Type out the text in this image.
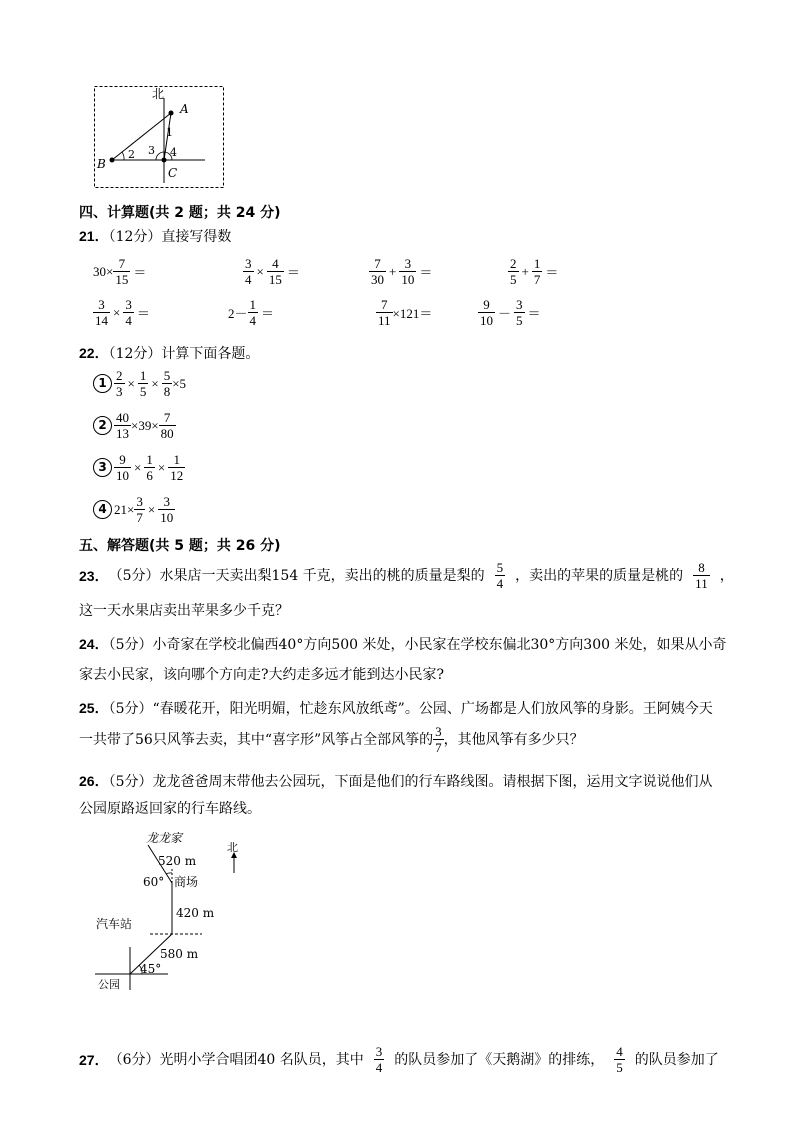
北
A
B
C
1
2 3 4
四、计算题(共 2 题；共 24 分)
21．（12分）直接写得数
$30\times \frac{7}{15}$ ＝	$\frac{3}{4} \times \frac{4}{15}$ ＝	$\frac{7}{30} + \frac{3}{10}$ ＝	$\frac{2}{5} + \frac{1}{7}$ ＝
$\frac{3}{14} \times \frac{3}{4}$ ＝	$2- \frac{1}{4}$ ＝	$\frac{7}{11} \times 121=$	$\frac{9}{10} - \frac{3}{5}$ ＝
22．（12分）计算下面各题。
$1 \frac{2}{3} \times \frac{1}{5} \times \frac{5}{8} \times 5$
$2 \frac{40}{13} \times 39\times \frac{7}{80}$
$3 \frac{9}{10} \times \frac{1}{6} \times \frac{1}{12}$
4 $21\times \frac{3}{7} \times \frac{3}{10}$
五、解答题(共 5 题；共 26 分)
23． （5分） 水果店一天卖出梨154 千克，卖出的桃的质量是梨的 $\frac{5}{4}$ ，卖出的苹果的质量是桃的 $\frac{8}{11}$ ，
这一天水果店卖出苹果多少千克？
24．（5分）小奇家在学校北偏西40°方向500 米处，小民家在学校东偏北30°方向300 米处，如果从小奇
家去小民家，该向哪个方向走?大约走多远才能到达小民家?
25．（5分）“春暖花开，阳光明媚，忙趁东风放纸鸢”。公园、广场都是人们放风筝的身影。王阿姨今天
一共带了56只风筝去卖，其中“喜字形”风筝占全部风筝的 $\frac{3}{7}$ ，其他风筝有多少只？
26．（5分）龙龙爸爸周末带他去公园玩，下面是他们的行车路线图。请根据下图，运用文字说说他们从
公园原路返回家的行车路线。
北
龙龙家
520 m
60° 商场
420 m
汽车站
580 m
45°
公园
27． （6分） 光明小学合唱团40 名队员，其中 $\frac{3}{4}$ 的队员参加了《天鹅湖》的排练， $\frac{4}{5}$ 的队员参加了
